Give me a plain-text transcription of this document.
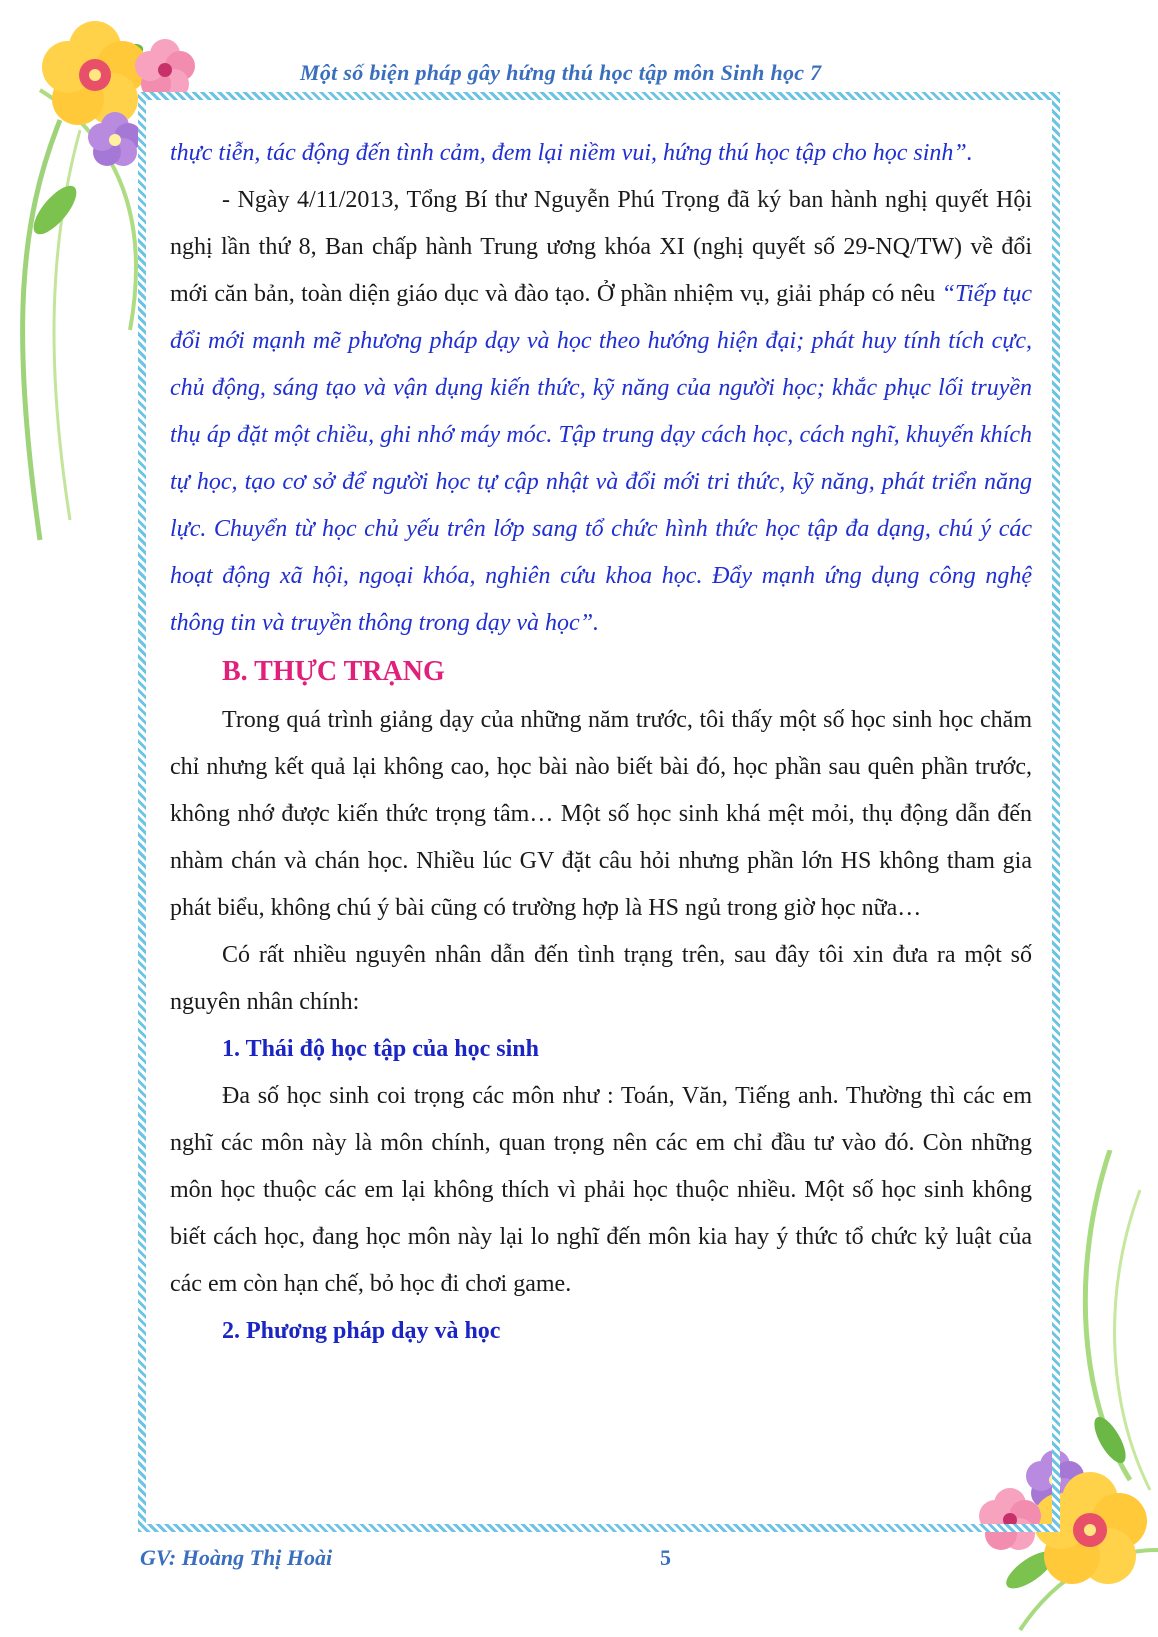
Một số biện pháp gây hứng thú học tập môn Sinh học 7

thực tiễn, tác động đến tình cảm, đem lại niềm vui, hứng thú học tập cho học sinh”.

- Ngày 4/11/2013, Tổng Bí thư Nguyễn Phú Trọng đã ký ban hành nghị quyết Hội nghị lần thứ 8, Ban chấp hành Trung ương khóa XI (nghị quyết số 29-NQ/TW) về đổi mới căn bản, toàn diện giáo dục và đào tạo. Ở phần nhiệm vụ, giải pháp có nêu “Tiếp tục đổi mới mạnh mẽ phương pháp dạy và học theo hướng hiện đại; phát huy tính tích cực, chủ động, sáng tạo và vận dụng kiến thức, kỹ năng của người học; khắc phục lối truyền thụ áp đặt một chiều, ghi nhớ máy móc. Tập trung dạy cách học, cách nghĩ, khuyến khích tự học, tạo cơ sở để người học tự cập nhật và đổi mới tri thức, kỹ năng, phát triển năng lực. Chuyển từ học chủ yếu trên lớp sang tổ chức hình thức học tập đa dạng, chú ý các hoạt động xã hội, ngoại khóa, nghiên cứu khoa học. Đẩy mạnh ứng dụng công nghệ thông tin và truyền thông trong dạy và học”.

B. THỰC TRẠNG

Trong quá trình giảng dạy của những năm trước, tôi thấy một số học sinh học chăm chỉ nhưng kết quả lại không cao, học bài nào biết bài đó, học phần sau quên phần trước, không nhớ được kiến thức trọng tâm… Một số học sinh khá mệt mỏi, thụ động dẫn đến nhàm chán và chán học. Nhiều lúc GV đặt câu hỏi nhưng phần lớn HS không tham gia phát biểu, không chú ý bài cũng có trường hợp là HS ngủ trong giờ học nữa…

Có rất nhiều nguyên nhân dẫn đến tình trạng trên, sau đây tôi xin đưa ra một số nguyên nhân chính:

1. Thái độ học tập của học sinh

Đa số học sinh coi trọng các môn như : Toán, Văn, Tiếng anh. Thường thì các em nghĩ các môn này là môn chính, quan trọng nên các em chỉ đầu tư vào đó. Còn những môn học thuộc các em lại không thích vì phải học thuộc nhiều. Một số học sinh không biết cách học, đang học môn này lại lo nghĩ đến môn kia hay ý thức tổ chức kỷ luật của các em còn hạn chế, bỏ học đi chơi game.

2. Phương pháp dạy và học

GV: Hoàng Thị Hoài	5
